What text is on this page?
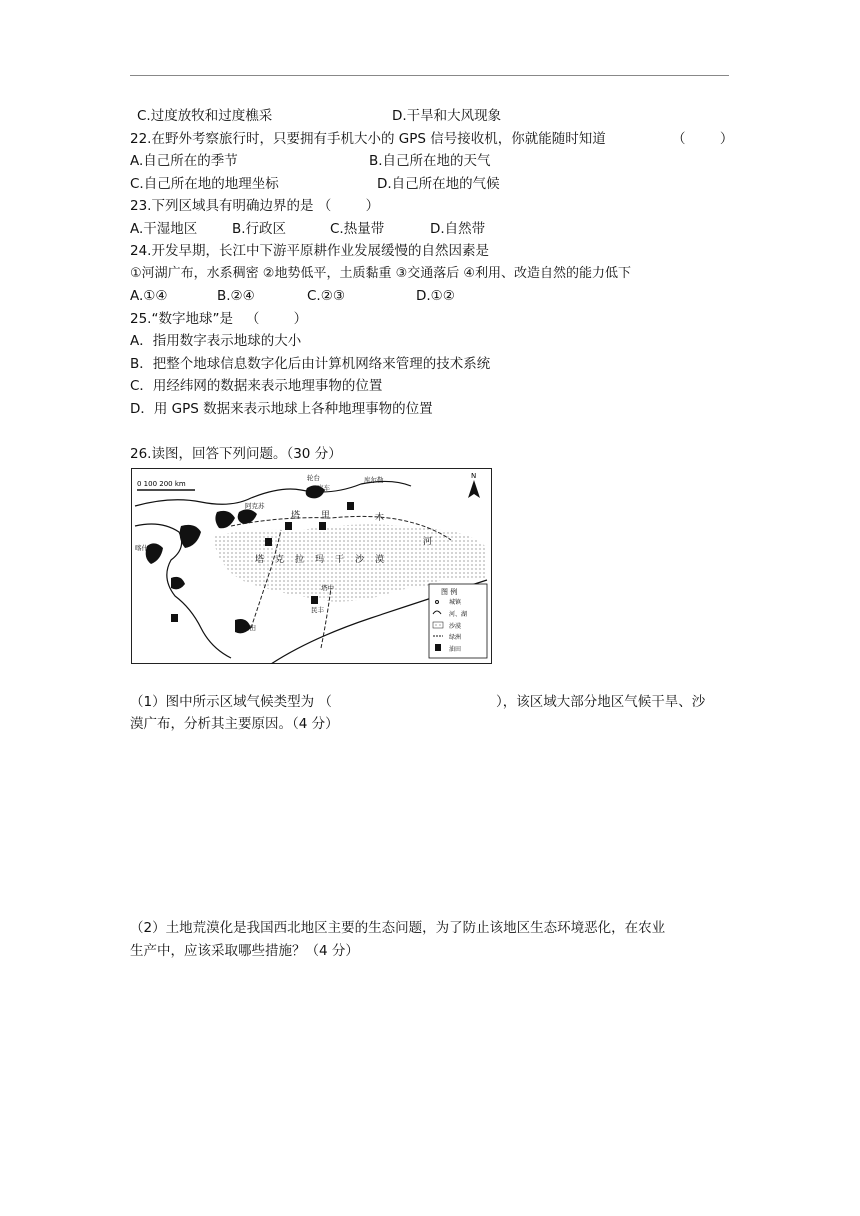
C.过度放牧和过度樵采	D.干旱和大风现象
22.在野外考察旅行时，只要拥有手机大小的 GPS 信号接收机，你就能随时知道	（        ）
A.自己所在的季节	B.自己所在地的天气
C.自己所在地的地理坐标	D.自己所在地的气候
23.下列区域具有明确边界的是 （        ）
A.干湿地区	B.行政区	C.热量带	D.自然带
24.开发早期，长江中下游平原耕作业发展缓慢的自然因素是
①河湖广布，水系稠密 ②地势低平，土质黏重 ③交通落后 ④利用、改造自然的能力低下
A.①④	B.②④	C.②③	D.①②
25.“数字地球”是   （        ）
A．指用数字表示地球的大小
B．把整个地球信息数字化后由计算机网络来管理的技术系统
C．用经纬网的数据来表示地理事物的位置
D．用 GPS 数据来表示地球上各种地理事物的位置
26.读图，回答下列问题。（30 分）
0 100 200 km
N
轮台	库尔勒
库车
阿克苏
喀什
和田
民丰
塔中
塔 克 拉 玛 干 沙 漠
塔 里	木
河
图 例
城镇
河、湖
沙漠
绿洲
油田
（1）图中所示区域气候类型为 （	），该区域大部分地区气候干旱、沙
漠广布，分析其主要原因。（4 分）
（2）土地荒漠化是我国西北地区主要的生态问题，为了防止该地区生态环境恶化，在农业
生产中，应该采取哪些措施？（4 分）
